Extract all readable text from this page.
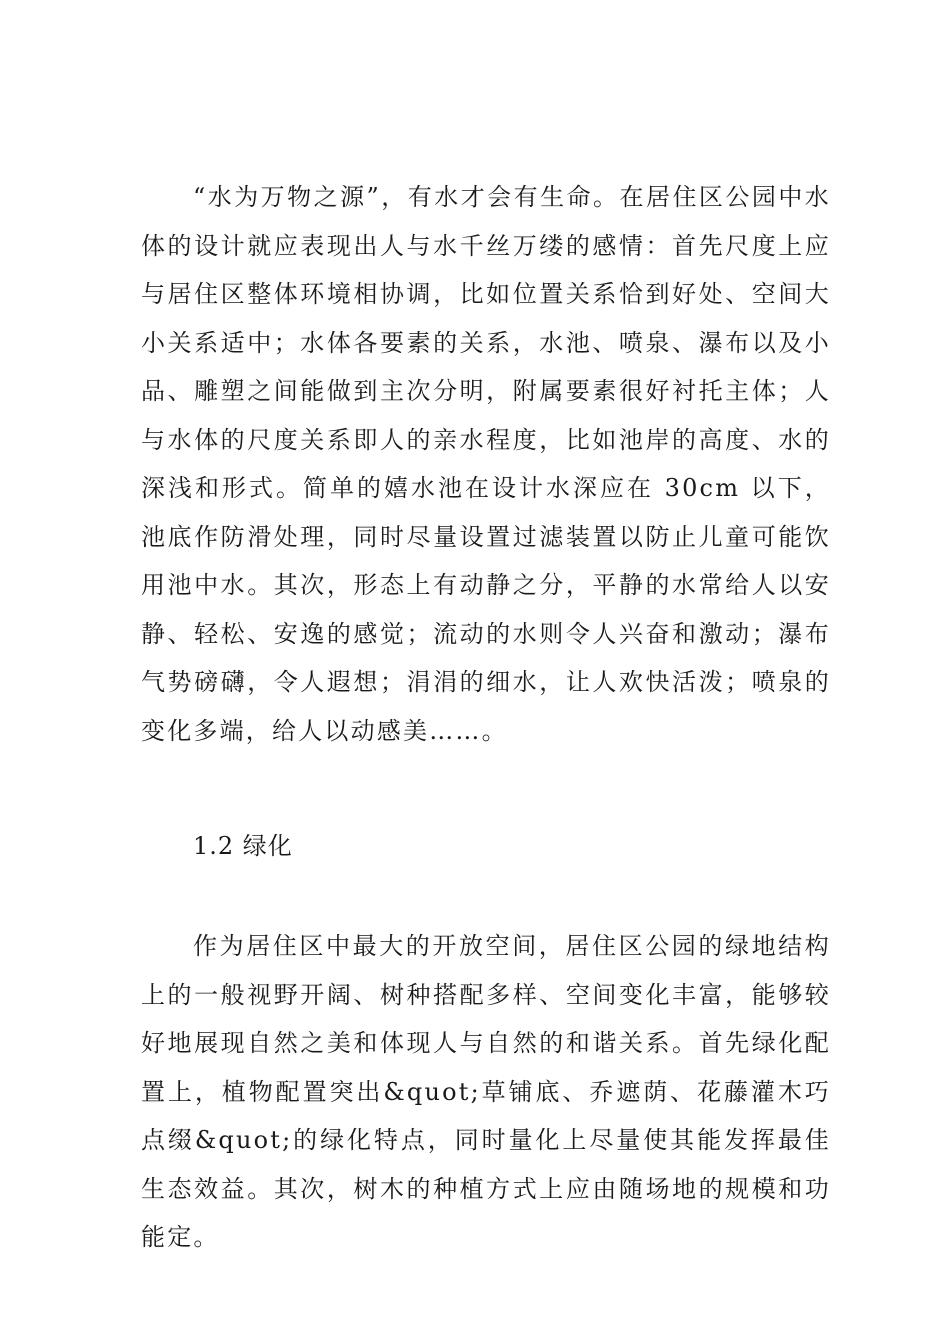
“水为万物之源”，有水才会有生命。在居住区公园中水体的设计就应表现出人与水千丝万缕的感情：首先尺度上应与居住区整体环境相协调，比如位置关系恰到好处、空间大小关系适中；水体各要素的关系，水池、喷泉、瀑布以及小品、雕塑之间能做到主次分明，附属要素很好衬托主体；人与水体的尺度关系即人的亲水程度，比如池岸的高度、水的深浅和形式。简单的嬉水池在设计水深应在 30cm 以下，池底作防滑处理，同时尽量设置过滤装置以防止儿童可能饮用池中水。其次，形态上有动静之分，平静的水常给人以安静、轻松、安逸的感觉；流动的水则令人兴奋和激动；瀑布气势磅礴，令人遐想；涓涓的细水，让人欢快活泼；喷泉的变化多端，给人以动感美……。

1.2 绿化

作为居住区中最大的开放空间，居住区公园的绿地结构上的一般视野开阔、树种搭配多样、空间变化丰富，能够较好地展现自然之美和体现人与自然的和谐关系。首先绿化配置上，植物配置突出&quot;草铺底、乔遮荫、花藤灌木巧点缀&quot;的绿化特点，同时量化上尽量使其能发挥最佳生态效益。其次，树木的种植方式上应由随场地的规模和功能定。
